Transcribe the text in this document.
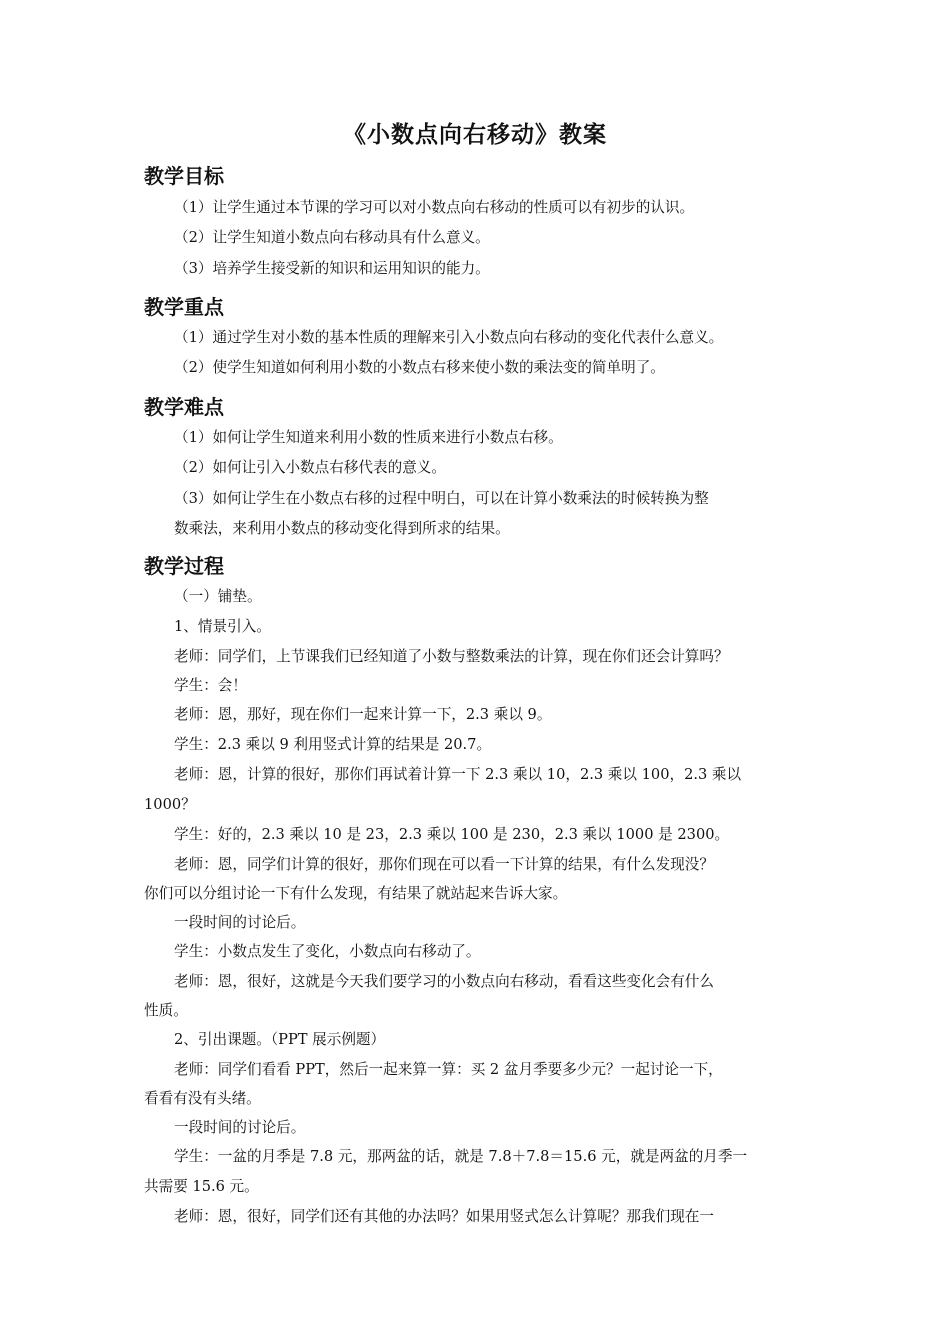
《小数点向右移动》教案
教学目标
（1）让学生通过本节课的学习可以对小数点向右移动的性质可以有初步的认识。
（2）让学生知道小数点向右移动具有什么意义。
（3）培养学生接受新的知识和运用知识的能力。
教学重点
（1）通过学生对小数的基本性质的理解来引入小数点向右移动的变化代表什么意义。
（2）使学生知道如何利用小数的小数点右移来使小数的乘法变的简单明了。
教学难点
（1）如何让学生知道来利用小数的性质来进行小数点右移。
（2）如何让引入小数点右移代表的意义。
（3）如何让学生在小数点右移的过程中明白，可以在计算小数乘法的时候转换为整
数乘法，来利用小数点的移动变化得到所求的结果。
教学过程
（一）铺垫。
1、情景引入。
老师：同学们，上节课我们已经知道了小数与整数乘法的计算，现在你们还会计算吗？
学生：会！
老师：恩，那好，现在你们一起来计算一下，2.3 乘以 9。
学生：2.3 乘以 9 利用竖式计算的结果是 20.7。
老师：恩，计算的很好，那你们再试着计算一下 2.3 乘以 10，2.3 乘以 100，2.3 乘以
1000？
学生：好的，2.3 乘以 10 是 23，2.3 乘以 100 是 230，2.3 乘以 1000 是 2300。
老师：恩，同学们计算的很好，那你们现在可以看一下计算的结果，有什么发现没？
你们可以分组讨论一下有什么发现，有结果了就站起来告诉大家。
一段时间的讨论后。
学生：小数点发生了变化，小数点向右移动了。
老师：恩，很好，这就是今天我们要学习的小数点向右移动，看看这些变化会有什么
性质。
2、引出课题。（PPT 展示例题）
老师：同学们看看 PPT，然后一起来算一算：买 2 盆月季要多少元？一起讨论一下，
看看有没有头绪。
一段时间的讨论后。
学生：一盆的月季是 7.8 元，那两盆的话，就是 7.8＋7.8＝15.6 元，就是两盆的月季一
共需要 15.6 元。
老师：恩，很好，同学们还有其他的办法吗？如果用竖式怎么计算呢？那我们现在一
